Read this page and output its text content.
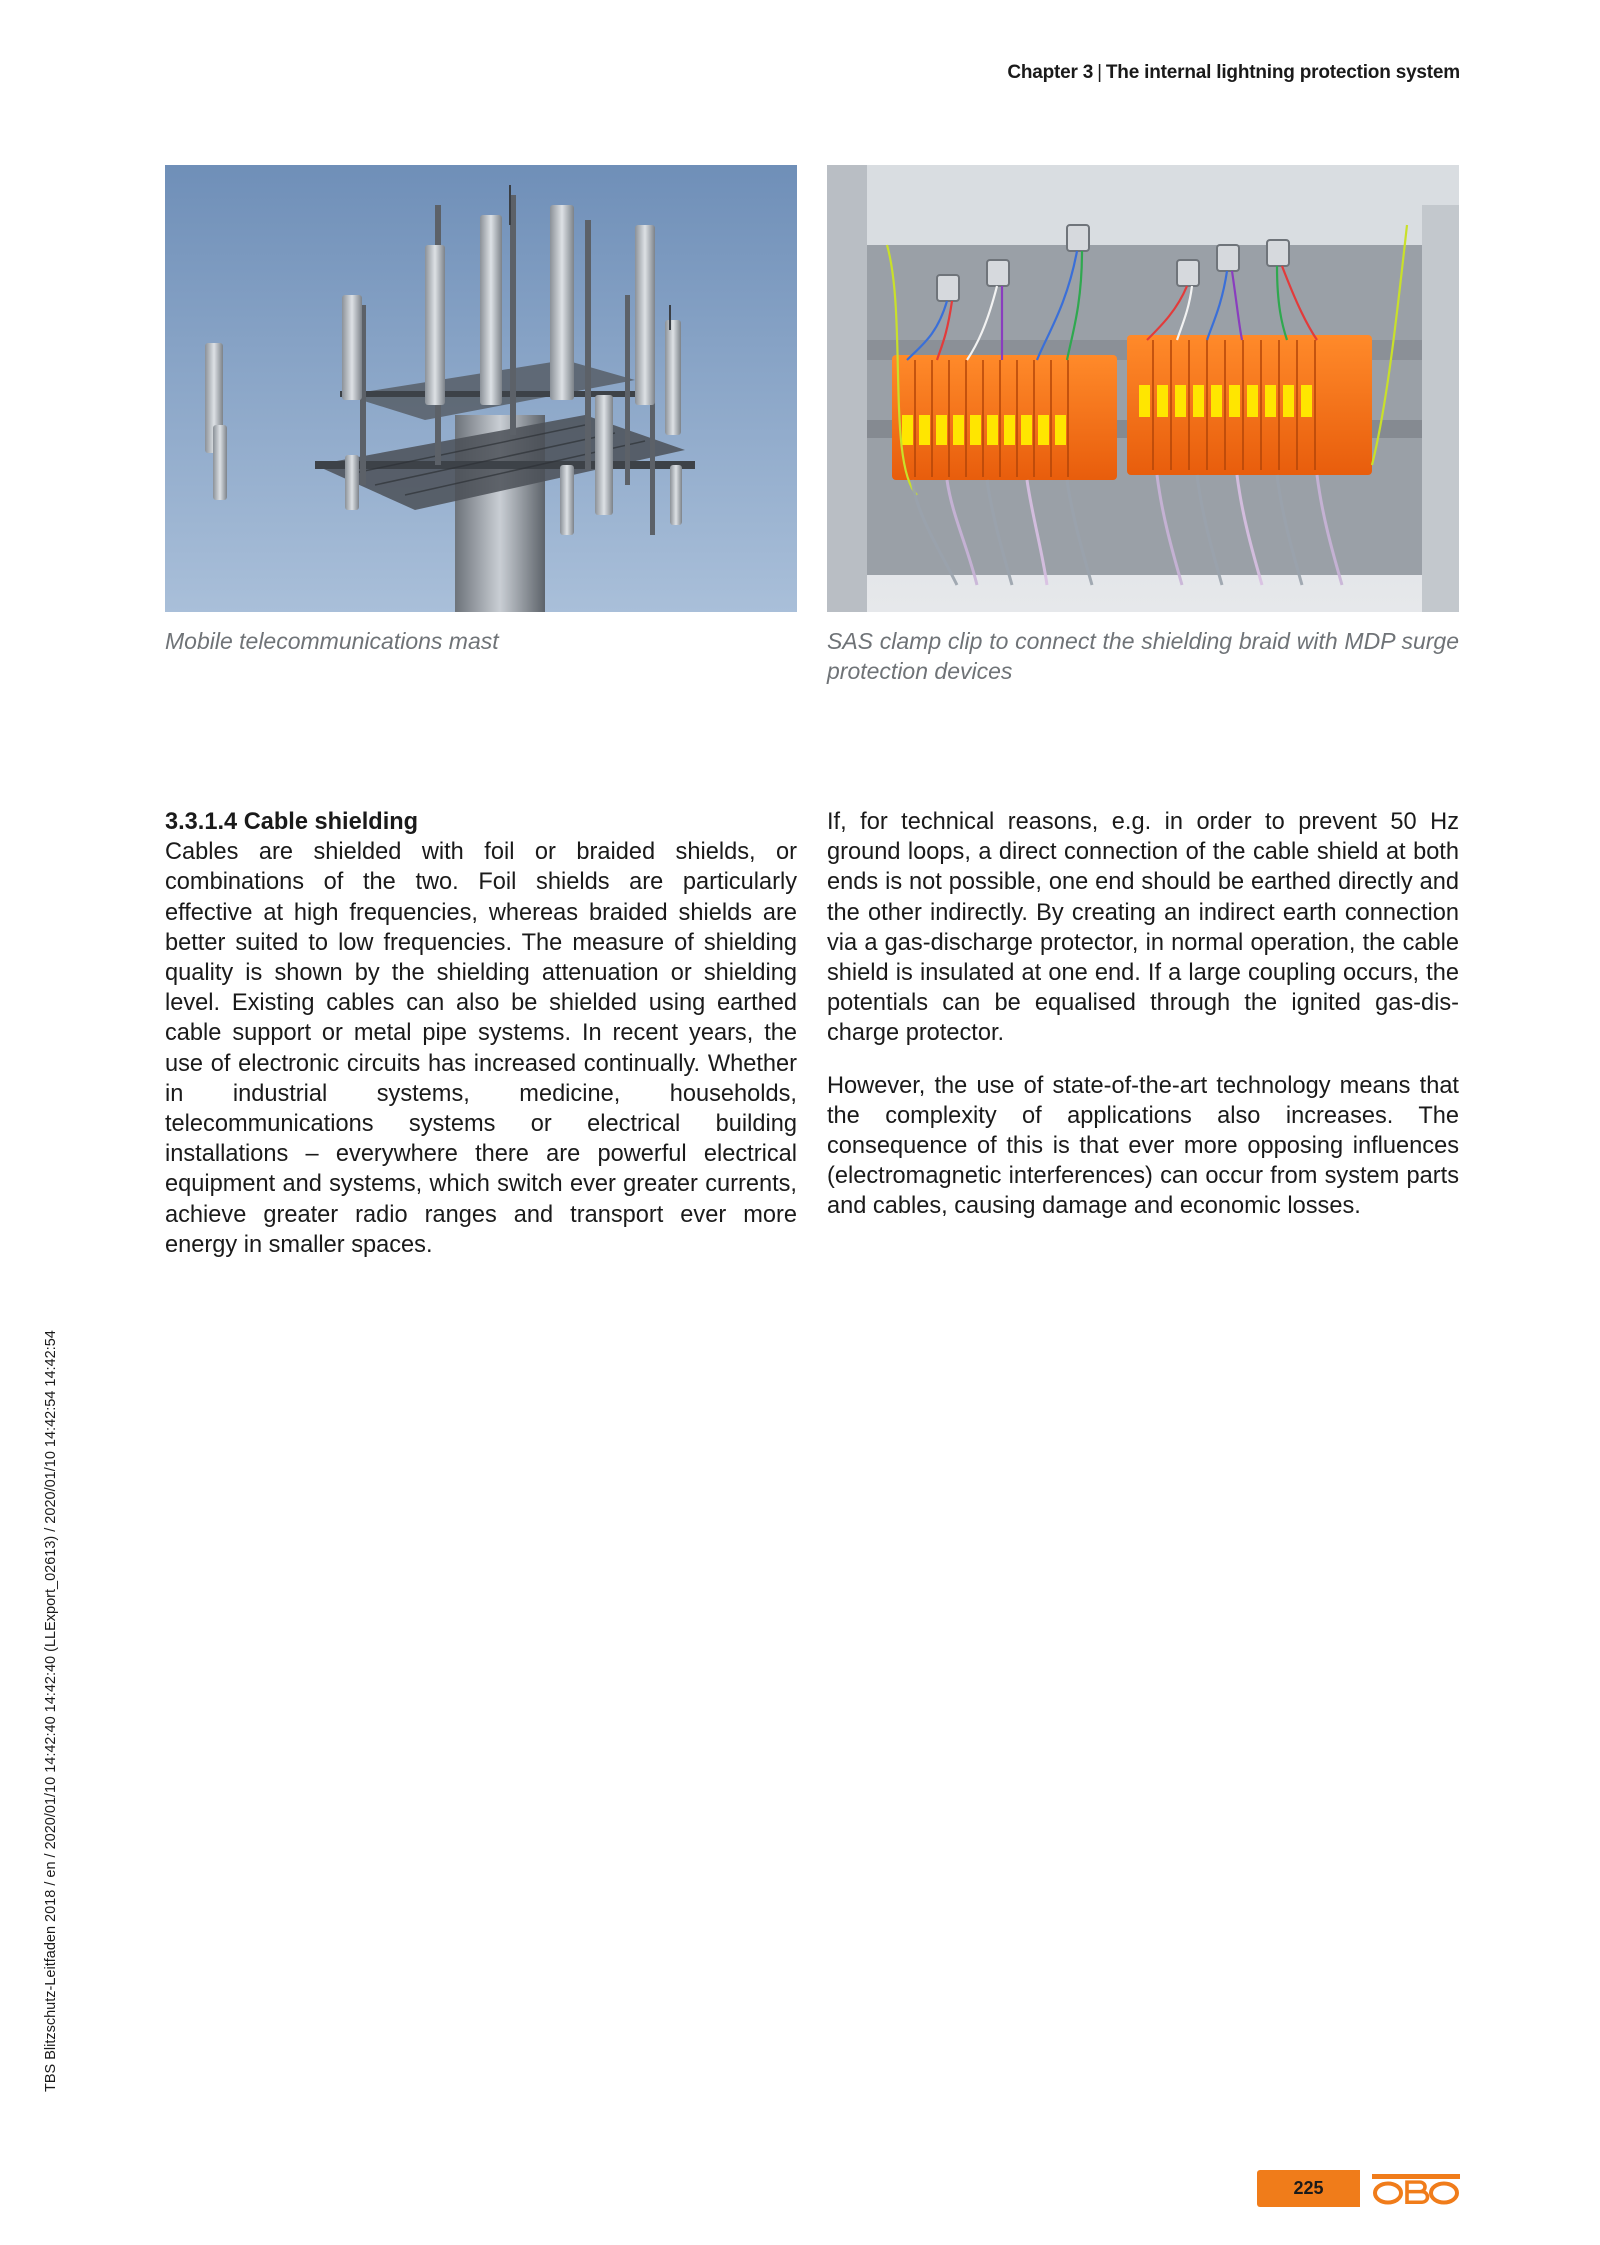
Chapter 3 | The internal lightning protection system
Mobile telecommunications mast	SAS clamp clip to connect the shielding braid with MDP surge protection devices
3.3.1.4 Cable shielding

Cables are shielded with foil or braided shields, or combinations of the two. Foil shields are particularly effective at high frequencies, whereas braided shields are better suited to low frequencies. The measure of shielding quality is shown by the shielding attenuation or shielding level. Existing cables can also be shielded using earthed cable support or metal pipe systems. In recent years, the use of electronic circuits has increased continually. Whether in industrial systems, medicine, households, telecommunications systems or electrical building installations – everywhere there are powerful electrical equipment and systems, which switch ever greater currents, achieve greater radio ranges and transport ever more energy in smaller spaces.

If, for technical reasons, e.g. in order to prevent 50 Hz ground loops, a direct connection of the cable shield at both ends is not possible, one end should be earthed directly and the other indirectly. By creating an indirect earth connection via a gas-discharge protector, in normal operation, the cable shield is insulated at one end. If a large coupling occurs, the potentials can be equalised through the ignited gas-discharge protector.

However, the use of state-of-the-art technology means that the complexity of applications also increases. The consequence of this is that ever more opposing influences (electromagnetic interferences) can occur from system parts and cables, causing damage and economic losses.

TBS Blitzschutz-Leitfaden 2018 / en / 2020/01/10 14:42:40 14:42:40 (LLExport_02613) / 2020/01/10 14:42:54 14:42:54
225
